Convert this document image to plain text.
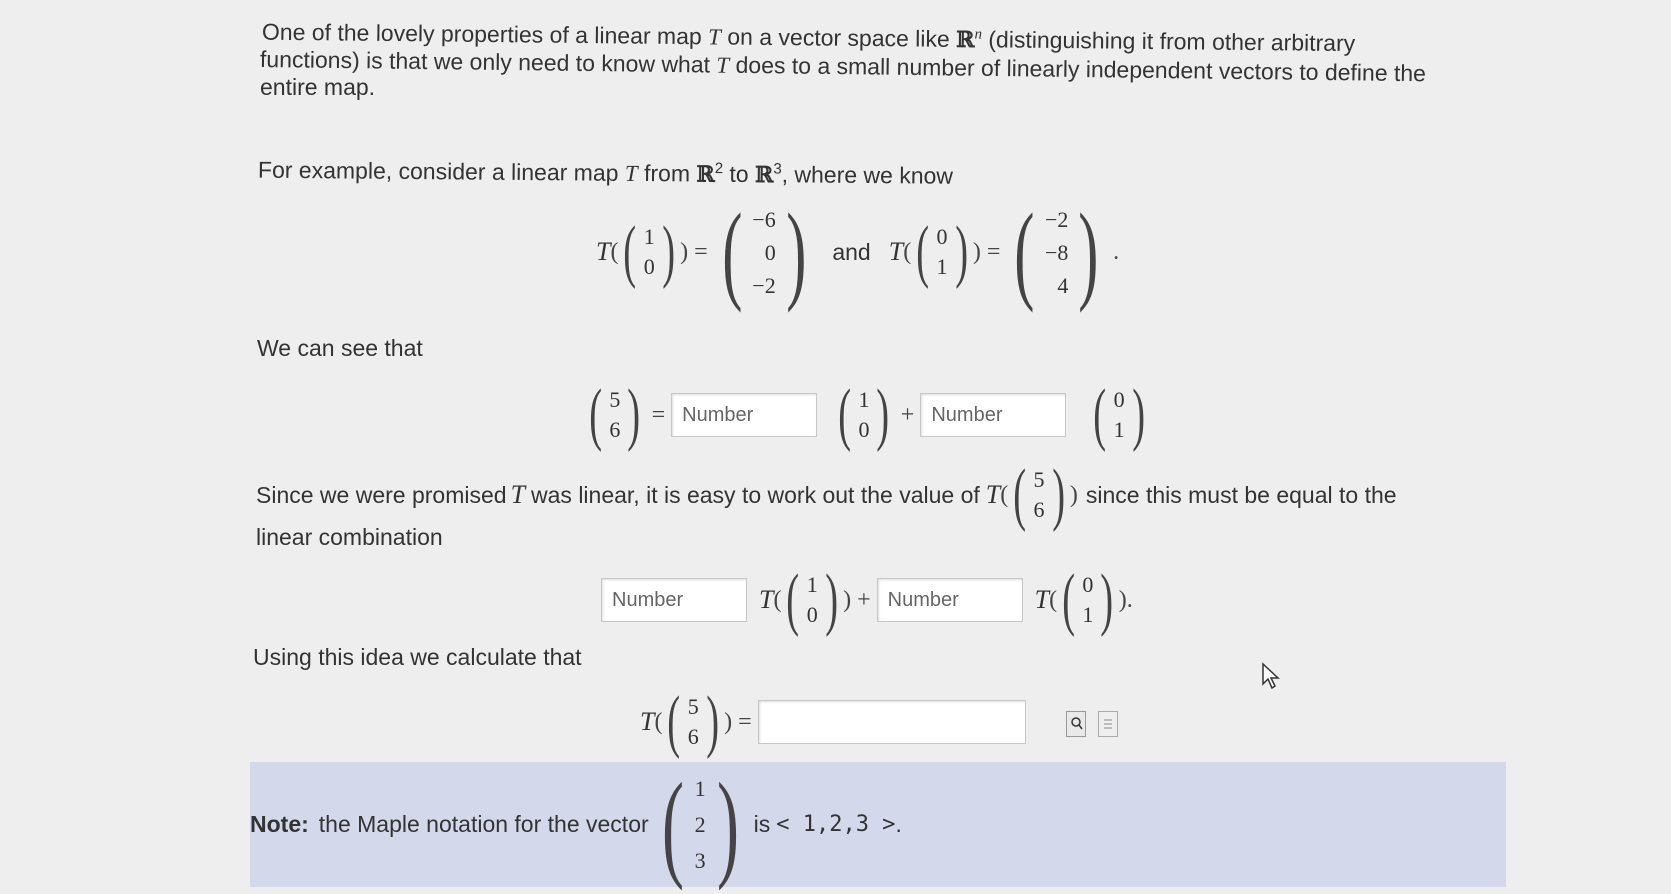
One of the lovely properties of a linear map T on a vector space like ℝ$^n$ (distinguishing it from other arbitrary
functions) is that we only need to know what T does to a small number of linearly independent vectors to define the
entire map.
For example, consider a linear map T from ℝ$^2$ to ℝ$^3$, where we know
T ( ( 1
0 ) ) = ( −6
0
−2 ) and T ( ( 0
1 ) ) = ( −2
−8
4 ) .
We can see that
( 5
6 ) =
Number ( 1
0 ) +
Number	( 0
1 )
Since we were promised T was linear, it is easy to work out the value of T ( ( 5
6 ) ) since this must be equal to the
linear combination
Number
T ( ( 1
0 ) ) +
Number	T ( ( 0
1 ) ) .
Using this idea we calculate that
T ( ( 5
6 ) ) =
Note: the Maple notation for the vector ( 1
2
3 ) is < 1,2,3 > .
